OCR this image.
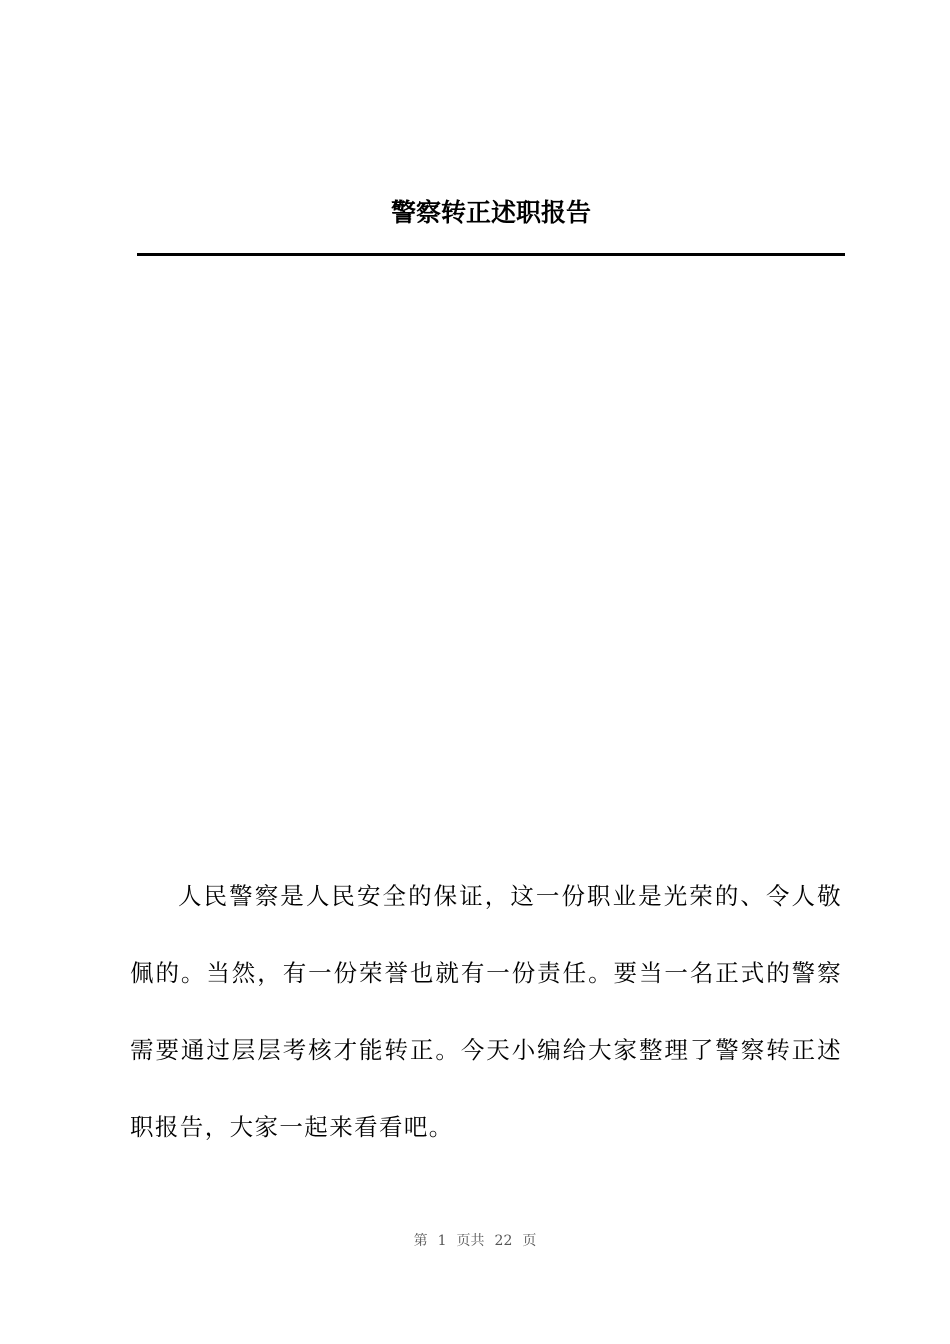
警察转正述职报告

人民警察是人民安全的保证，这一份职业是光荣的、令人敬佩的。当然，有一份荣誉也就有一份责任。要当一名正式的警察需要通过层层考核才能转正。今天小编给大家整理了警察转正述职报告，大家一起来看看吧。

第 1 页共 22 页
